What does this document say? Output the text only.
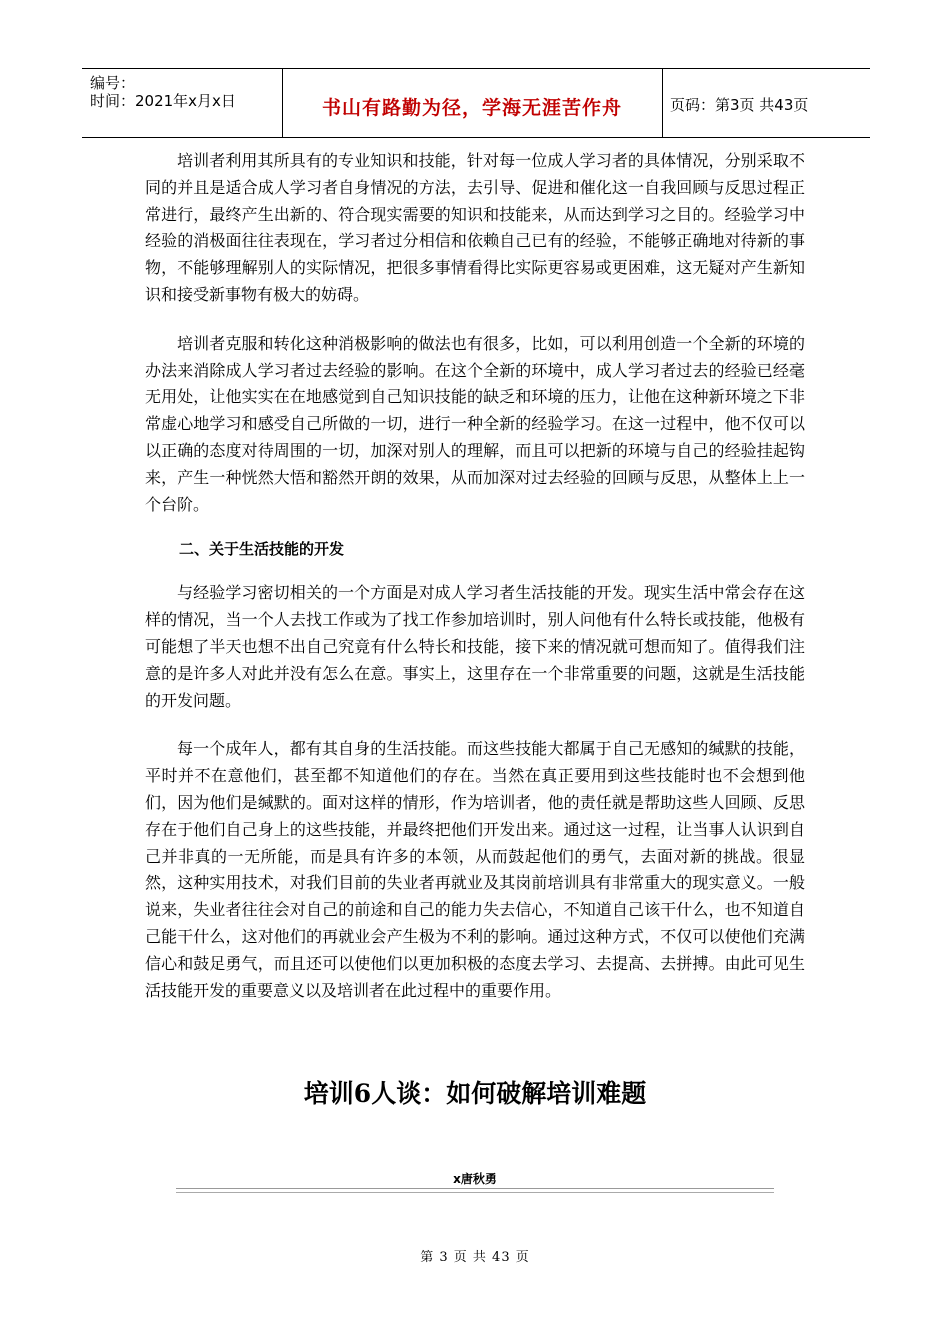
编号：
时间：2021年x月x日	书山有路勤为径，学海无涯苦作舟	页码：第3页 共43页

培训者利用其所具有的专业知识和技能，针对每一位成人学习者的具体情况，分别采取不同的并且是适合成人学习者自身情况的方法，去引导、促进和催化这一自我回顾与反思过程正常进行，最终产生出新的、符合现实需要的知识和技能来，从而达到学习之目的。经验学习中经验的消极面往往表现在，学习者过分相信和依赖自己已有的经验，不能够正确地对待新的事物，不能够理解别人的实际情况，把很多事情看得比实际更容易或更困难，这无疑对产生新知识和接受新事物有极大的妨碍。

培训者克服和转化这种消极影响的做法也有很多，比如，可以利用创造一个全新的环境的办法来消除成人学习者过去经验的影响。在这个全新的环境中，成人学习者过去的经验已经毫无用处，让他实实在在地感觉到自己知识技能的缺乏和环境的压力，让他在这种新环境之下非常虚心地学习和感受自己所做的一切，进行一种全新的经验学习。在这一过程中，他不仅可以以正确的态度对待周围的一切，加深对别人的理解，而且可以把新的环境与自己的经验挂起钩来，产生一种恍然大悟和豁然开朗的效果，从而加深对过去经验的回顾与反思，从整体上上一个台阶。

二、关于生活技能的开发

与经验学习密切相关的一个方面是对成人学习者生活技能的开发。现实生活中常会存在这样的情况，当一个人去找工作或为了找工作参加培训时，别人问他有什么特长或技能，他极有可能想了半天也想不出自己究竟有什么特长和技能，接下来的情况就可想而知了。值得我们注意的是许多人对此并没有怎么在意。事实上，这里存在一个非常重要的问题，这就是生活技能的开发问题。

每一个成年人，都有其自身的生活技能。而这些技能大都属于自己无感知的缄默的技能，平时并不在意他们，甚至都不知道他们的存在。当然在真正要用到这些技能时也不会想到他们，因为他们是缄默的。面对这样的情形，作为培训者，他的责任就是帮助这些人回顾、反思存在于他们自己身上的这些技能，并最终把他们开发出来。通过这一过程，让当事人认识到自己并非真的一无所能，而是具有许多的本领，从而鼓起他们的勇气，去面对新的挑战。很显然，这种实用技术，对我们目前的失业者再就业及其岗前培训具有非常重大的现实意义。一般说来，失业者往往会对自己的前途和自己的能力失去信心，不知道自己该干什么，也不知道自己能干什么，这对他们的再就业会产生极为不利的影响。通过这种方式，不仅可以使他们充满信心和鼓足勇气，而且还可以使他们以更加积极的态度去学习、去提高、去拼搏。由此可见生活技能开发的重要意义以及培训者在此过程中的重要作用。

培训6人谈：如何破解培训难题
x唐秋勇
第 3 页 共 43 页
